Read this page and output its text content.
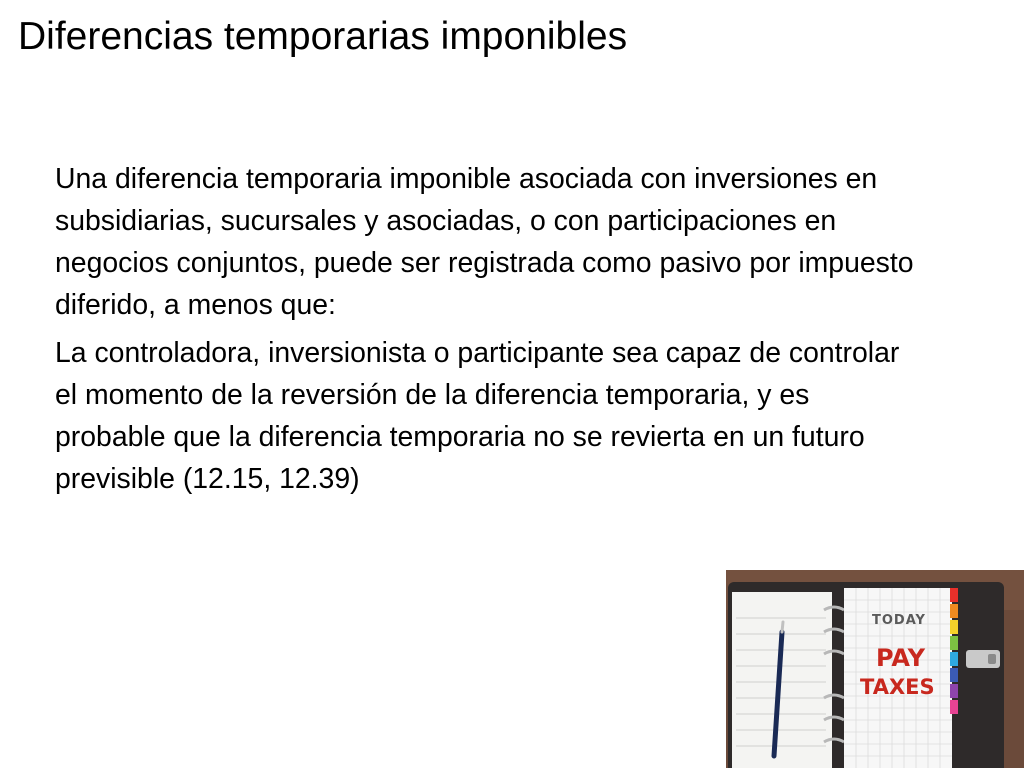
Diferencias temporarias imponibles

Una diferencia temporaria imponible asociada con inversiones en subsidiarias, sucursales y asociadas, o con participaciones en negocios conjuntos, puede ser registrada como pasivo por impuesto diferido, a menos que:

La controladora, inversionista o participante sea capaz de controlar el momento de la reversión de la diferencia temporaria, y es probable que la diferencia temporaria no se revierta en un futuro previsible (12.15, 12.39)

TODAY
PAY
TAXES
